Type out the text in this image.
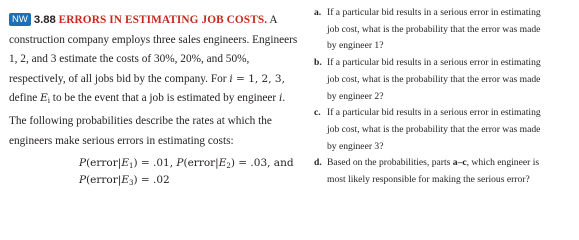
NW 3.88 ERRORS IN ESTIMATING JOB COSTS. A
construction company employs three sales engineers. Engineers
1, 2, and 3 estimate the costs of 30%, 20%, and 50%,
respectively, of all jobs bid by the company. For i = 1, 2, 3,
define $E_i$ to be the event that a job is estimated by engineer i.
The following probabilities describe the rates at which the
engineers make serious errors in estimating costs:
$P(error|E_1) = .01$, $P(error|E_2) = .03$, and
$P(error|E_3) = .02$
a. If a particular bid results in a serious error in estimating
job cost, what is the probability that the error was made
by engineer 1?
b. If a particular bid results in a serious error in estimating
job cost, what is the probability that the error was made
by engineer 2?
c. If a particular bid results in a serious error in estimating
job cost, what is the probability that the error was made
by engineer 3?
d. Based on the probabilities, parts a–c, which engineer is
most likely responsible for making the serious error?
